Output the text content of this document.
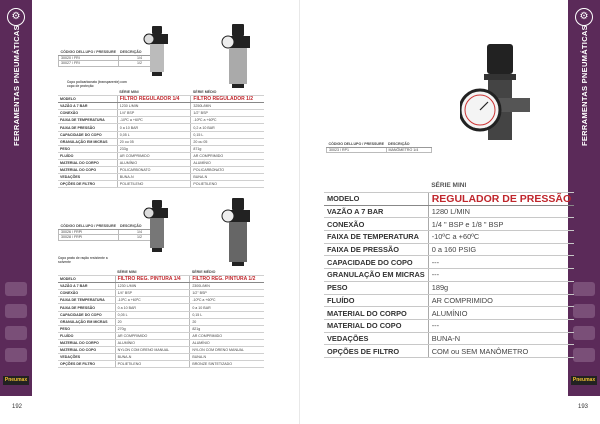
⚙
FERRAMENTAS PNEUMÁTICAS
Pneumax
192
CÓDIGO DELLUPO / PRESSURE	DESCRIÇÃO
30020 / FRI	1/4
30027 / FRI	1/2
Copo policarbonato (transparente) com copo de proteção
	SÉRIE MINI	SÉRIE MÉDIO
MODELO	FILTRO REGULADOR 1/4	FILTRO REGULADOR 1/2
VAZÃO A 7 BAR	1230 L/MIN	3250L/MIN
CONEXÃO	1/4" BSP	1/2" BSP
FAIXA DE TEMPERATURA	-10ºC a +60ºC	-10ºC a +60ºC
FAIXA DE PRESSÃO	0 a 10 BAR	0,2 a 10 BAR
CAPACIDADE DO COPO	0,05 L	0,15 L
GRANULAÇÃO EM MICRAS	20 ou 05	20 ou 05
PESO	233g	871g
FLUÍDO	AR COMPRIMIDO	AR COMPRIMIDO
MATERIAL DO CORPO	ALUMÍNIO	ALUMÍNIO
MATERIAL DO COPO	POLICARBONATO	POLICARBONATO
VEDAÇÕES	BUNA-N	BUNA-N
OPÇÕES DE FILTRO	POLIETILENO	POLIETILENO
CÓDIGO DELLUPO / PRESSURE	DESCRIÇÃO
30026 / FRPI	1/4
30028 / FRPI	1/2
Copo prato de ração resistente a solvente
	SÉRIE MINI	SÉRIE MÉDIO
MODELO	FILTRO REG. PINTURA 1/4	FILTRO REG. PINTURA 1/2
VAZÃO A 7 BAR	1230 L/MIN	2300L/MIN
CONEXÃO	1/4" BSP	1/2" BSP
FAIXA DE TEMPERATURA	-10ºC a +60ºC	-10ºC a +60ºC
FAIXA DE PRESSÃO	0 a 10 BAR	0 a 10 BAR
CAPACIDADE DO COPO	0,05 L	0,15 L
GRANULAÇÃO EM MICRAS	20	20
PESO	270g	821g
FLUÍDO	AR COMPRIMIDO	AR COMPRIMIDO
MATERIAL DO CORPO	ALUMÍNIO	ALUMÍNIO
MATERIAL DO COPO	NYLON COM DRENO MANUAL	NYLON COM DRENO MANUAL
VEDAÇÕES	BUNA-N	BUNA-N
OPÇÕES DE FILTRO	POLIETILENO	BRONZE SINTETIZADO
⚙
FERRAMENTAS PNEUMÁTICAS
Pneumax
193
CÓDIGO DELLUPO / PRESSURE	DESCRIÇÃO
30023 / RP1	MANÔMETRO 1/4
	SÉRIE MINI
MODELO	REGULADOR DE PRESSÃO
VAZÃO A 7 BAR	1280 L/MIN
CONEXÃO	1/4 " BSP e 1/8 " BSP
FAIXA DE TEMPERATURA	-10ºC a +60ºC
FAIXA DE PRESSÃO	0 a 160 PSIG
CAPACIDADE DO COPO	---
GRANULAÇÃO EM MICRAS	---
PESO	189g
FLUÍDO	AR COMPRIMIDO
MATERIAL DO CORPO	ALUMÍNIO
MATERIAL DO COPO	---
VEDAÇÕES	BUNA-N
OPÇÕES DE FILTRO	COM ou SEM MANÔMETRO
